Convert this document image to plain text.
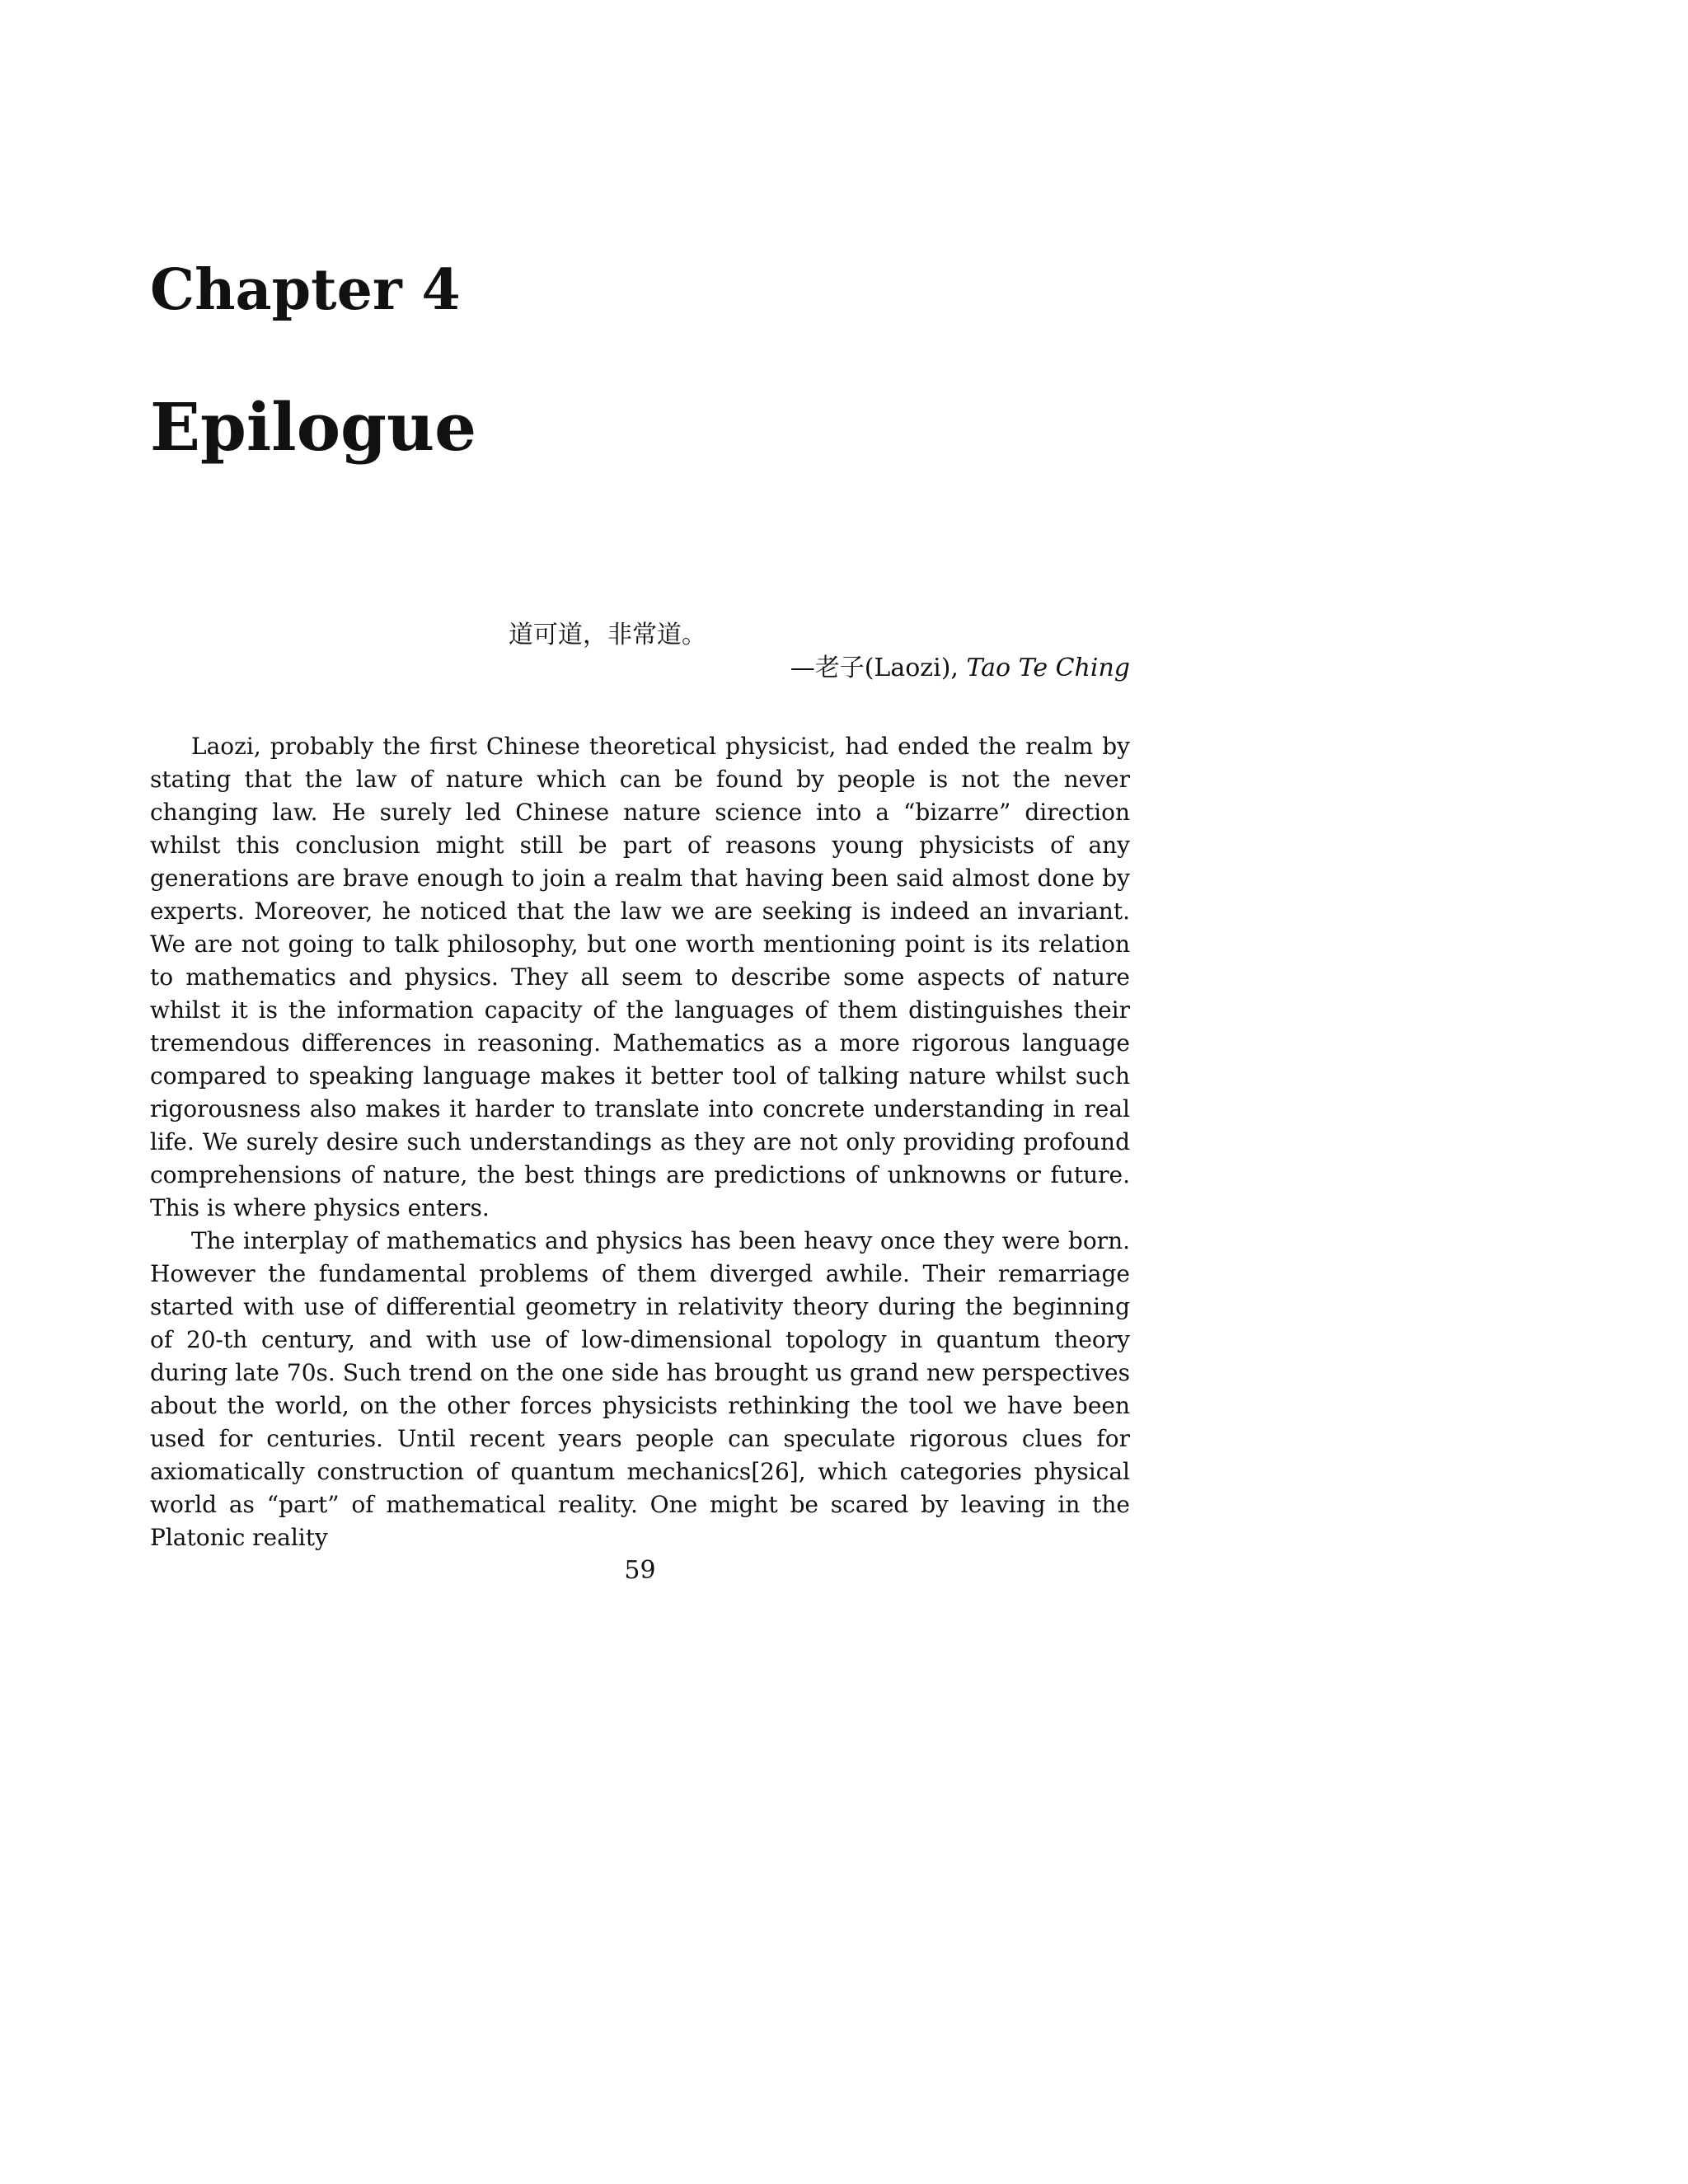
Chapter 4
Epilogue
道可道，非常道。
—老子(Laozi), Tao Te Ching

Laozi, probably the first Chinese theoretical physicist, had ended the realm by stating that the law of nature which can be found by people is not the never changing law. He surely led Chinese nature science into a “bizarre” direction whilst this conclusion might still be part of reasons young physicists of any generations are brave enough to join a realm that having been said almost done by experts. Moreover, he noticed that the law we are seeking is indeed an invariant. We are not going to talk philosophy, but one worth mentioning point is its relation to mathematics and physics. They all seem to describe some aspects of nature whilst it is the information capacity of the languages of them distinguishes their tremendous differences in reasoning. Mathematics as a more rigorous language compared to speaking language makes it better tool of talking nature whilst such rigorousness also makes it harder to translate into concrete understanding in real life. We surely desire such understandings as they are not only providing profound comprehensions of nature, the best things are predictions of unknowns or future. This is where physics enters.

The interplay of mathematics and physics has been heavy once they were born. However the fundamental problems of them diverged awhile. Their remarriage started with use of differential geometry in relativity theory during the beginning of 20-th century, and with use of low-dimensional topology in quantum theory during late 70s. Such trend on the one side has brought us grand new perspectives about the world, on the other forces physicists rethinking the tool we have been used for centuries. Until recent years people can speculate rigorous clues for axiomatically construction of quantum mechanics[26], which categories physical world as “part” of mathematical reality. One might be scared by leaving in the Platonic reality

59
